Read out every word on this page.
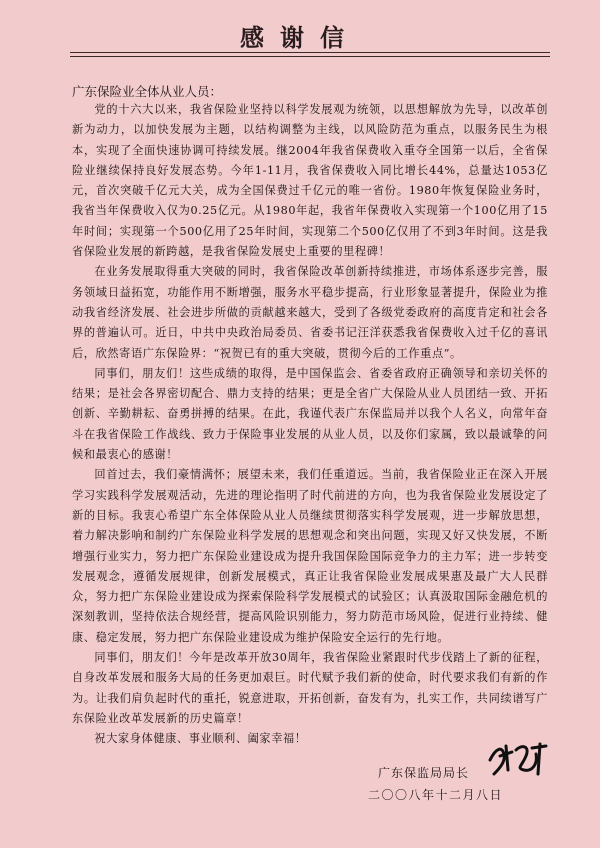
感谢信
广东保险业全体从业人员：

党的十六大以来，我省保险业坚持以科学发展观为统领，以思想解放为先导，以改革创新为动力，以加快发展为主题，以结构调整为主线，以风险防范为重点，以服务民生为根本，实现了全面快速协调可持续发展。继2004年我省保费收入重夺全国第一以后，全省保险业继续保持良好发展态势。今年1-11月，我省保费收入同比增长44%，总量达1053亿元，首次突破千亿元大关，成为全国保费过千亿元的唯一省份。1980年恢复保险业务时，我省当年保费收入仅为0.25亿元。从1980年起，我省年保费收入实现第一个100亿用了15年时间；实现第一个500亿用了25年时间，实现第二个500亿仅用了不到3年时间。这是我省保险业发展的新跨越，是我省保险发展史上重要的里程碑！

在业务发展取得重大突破的同时，我省保险改革创新持续推进，市场体系逐步完善，服务领域日益拓宽，功能作用不断增强，服务水平稳步提高，行业形象显著提升，保险业为推动我省经济发展、社会进步所做的贡献越来越大，受到了各级党委政府的高度肯定和社会各界的普遍认可。近日，中共中央政治局委员、省委书记汪洋获悉我省保费收入过千亿的喜讯后，欣然寄语广东保险界：“祝贺已有的重大突破，贯彻今后的工作重点”。

同事们，朋友们！这些成绩的取得，是中国保监会、省委省政府正确领导和亲切关怀的结果；是社会各界密切配合、鼎力支持的结果；更是全省广大保险从业人员团结一致、开拓创新、辛勤耕耘、奋勇拼搏的结果。在此，我谨代表广东保监局并以我个人名义，向常年奋斗在我省保险工作战线、致力于保险事业发展的从业人员，以及你们家属，致以最诚挚的问候和最衷心的感谢！

回首过去，我们豪情满怀；展望未来，我们任重道远。当前，我省保险业正在深入开展学习实践科学发展观活动，先进的理论指明了时代前进的方向，也为我省保险业发展设定了新的目标。我衷心希望广东全体保险从业人员继续贯彻落实科学发展观，进一步解放思想，着力解决影响和制约广东保险业科学发展的思想观念和突出问题，实现又好又快发展，不断增强行业实力，努力把广东保险业建设成为提升我国保险国际竞争力的主力军；进一步转变发展观念，遵循发展规律，创新发展模式，真正让我省保险业发展成果惠及最广大人民群众，努力把广东保险业建设成为探索保险科学发展模式的试验区；认真汲取国际金融危机的深刻教训，坚持依法合规经营，提高风险识别能力，努力防范市场风险，促进行业持续、健康、稳定发展，努力把广东保险业建设成为维护保险安全运行的先行地。

同事们，朋友们！今年是改革开放30周年，我省保险业紧跟时代步伐踏上了新的征程，自身改革发展和服务大局的任务更加艰巨。时代赋予我们新的使命，时代要求我们有新的作为。让我们肩负起时代的重托，锐意进取，开拓创新，奋发有为，扎实工作，共同续谱写广东保险业改革发展新的历史篇章！

祝大家身体健康、事业顺利、阖家幸福！

广东保监局局长
二〇〇八年十二月八日
